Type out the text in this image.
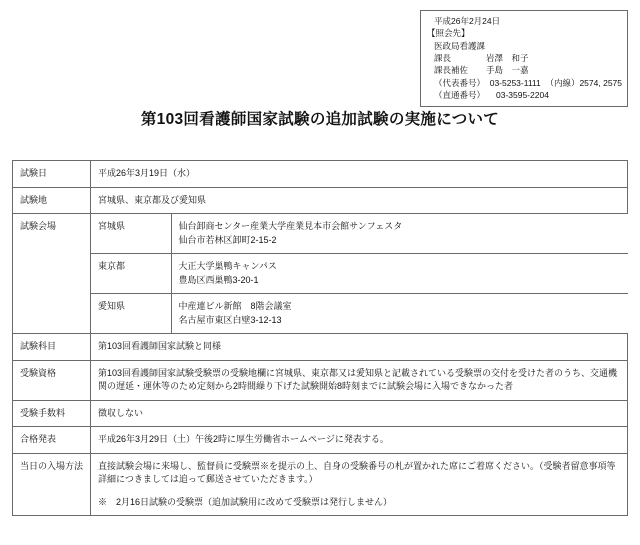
平成26年2月24日
【照会先】
医政局看護課
課長	岩澤　和子
課長補佐	手島　一嘉
（代表番号） 03-5253-1111 （内線） 2574, 2575
（直通番号）	03-3595-2204
第103回看護師国家試験の追加試験の実施について
試験日	平成26年3月19日（水）
試験地	宮城県、東京都及び愛知県
試験会場		宮城県	仙台卸商センター産業大学産業見本市会館サンフェスタ
仙台市若林区卸町2-15-2

東京都	大正大学巣鴨キャンパス
豊島区西巣鴨3-20-1

愛知県	中産連ビル新館　8階会議室
名古屋市東区白壁3-12-13

試験科目	第103回看護師国家試験と同様
受験資格	第103回看護師国家試験受験票の受験地欄に宮城県、東京都又は愛知県と記載されている受験票の交付を受けた者のうち、交通機関の遅延・運休等のため定刻から2時間繰り下げた試験開始8時刻までに試験会場に入場できなかった者
受験手数料	徴収しない
合格発表	平成26年3月29日（土）午後2時に厚生労働省ホームページに発表する。
当日の入場方法	直接試験会場に来場し、監督員に受験票※を提示の上、自身の受験番号の札が置かれた席にご着席ください。（受験者留意事項等詳細につきましては追って郵送させていただきます。）
※　2月16日試験の受験票（追加試験用に改めて受験票は発行しません）
